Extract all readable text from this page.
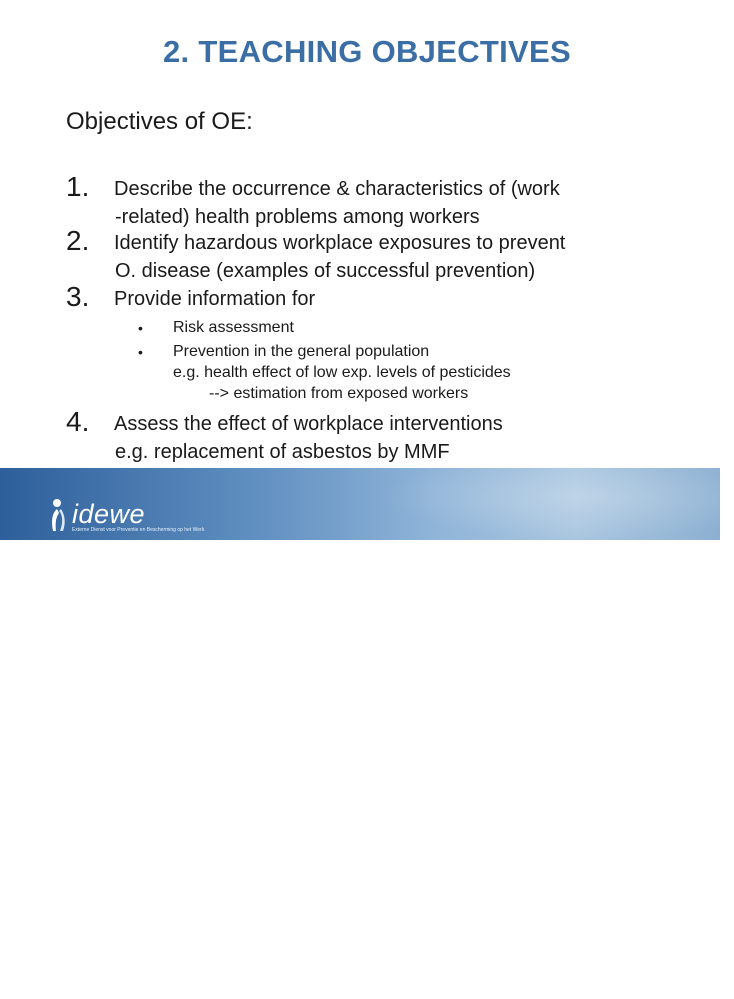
2. TEACHING OBJECTIVES
Objectives of OE:
1. Describe the occurrence & characteristics of (work
-related) health problems among workers
2. Identify hazardous workplace exposures to prevent
O. disease (examples of successful prevention)
3. Provide information for
• Risk assessment
• Prevention in the general population
e.g. health effect of low exp. levels of pesticides
--> estimation from exposed workers
4. Assess the effect of workplace interventions
e.g. replacement of asbestos by MMF
idewe
Externe Dienst voor Preventie en Bescherming op het Werk
EASOM Summerschool, Bari (IT), 1-9-2006
